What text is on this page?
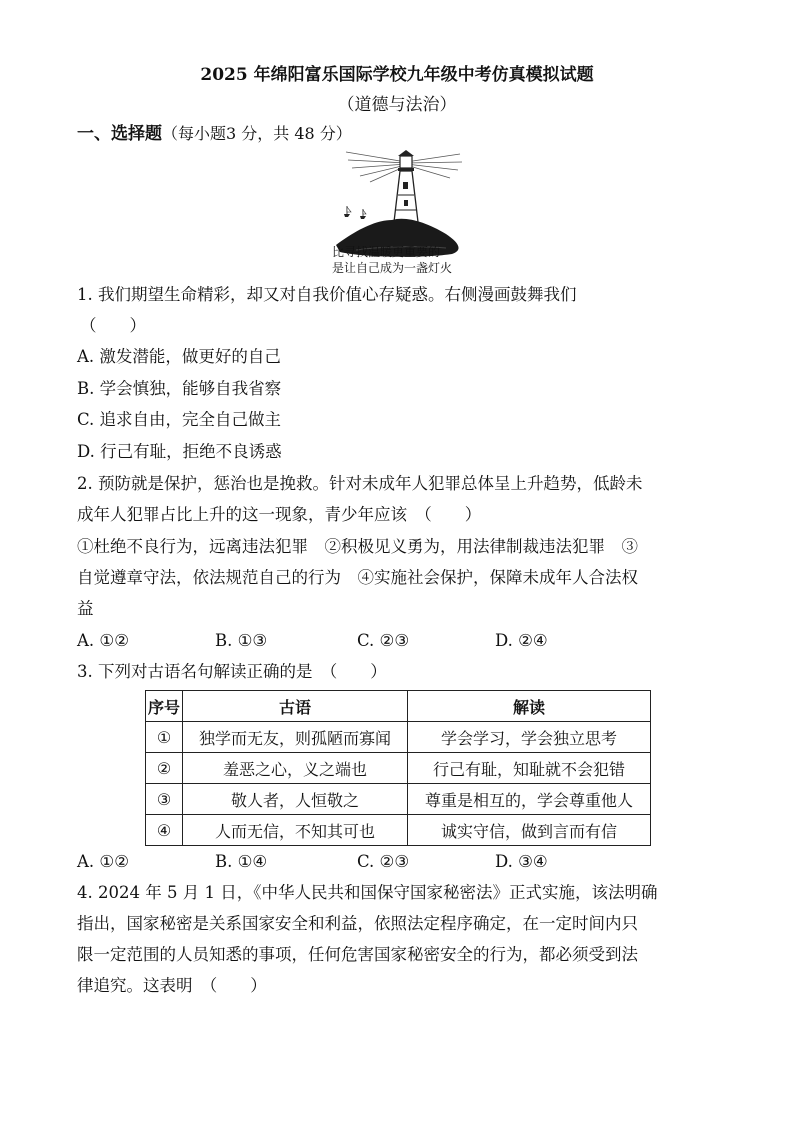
2025 年绵阳富乐国际学校九年级中考仿真模拟试题
（道德与法治）
一、选择题（每小题3 分，共 48 分）
比寻找温暖更重要的
是让自己成为一盏灯火
1. 我们期望生命精彩，却又对自我价值心存疑惑。右侧漫画鼓舞我们
（　　）
A. 激发潜能，做更好的自己
B. 学会慎独，能够自我省察
C. 追求自由，完全自己做主
D. 行己有耻，拒绝不良诱惑
2. 预防就是保护，惩治也是挽救。针对未成年人犯罪总体呈上升趋势，低龄未
成年人犯罪占比上升的这一现象，青少年应该　（　　）
①杜绝不良行为，远离违法犯罪　②积极见义勇为，用法律制裁违法犯罪　③
自觉遵章守法，依法规范自己的行为　④实施社会保护，保障未成年人合法权
益
A. ①②	B. ①③	C. ②③	D. ②④
3. 下列对古语名句解读正确的是　（　　）
序号	古语	解读
①	独学而无友，则孤陋而寡闻	学会学习，学会独立思考
②	羞恶之心，义之端也	行己有耻，知耻就不会犯错
③	敬人者，人恒敬之	尊重是相互的，学会尊重他人
④	人而无信，不知其可也	诚实守信，做到言而有信
A. ①②	B. ①④	C. ②③	D. ③④
4. 2024 年 5 月 1 日，《中华人民共和国保守国家秘密法》正式实施，该法明确
指出，国家秘密是关系国家安全和利益，依照法定程序确定，在一定时间内只
限一定范围的人员知悉的事项，任何危害国家秘密安全的行为，都必须受到法
律追究。这表明　（　　）
